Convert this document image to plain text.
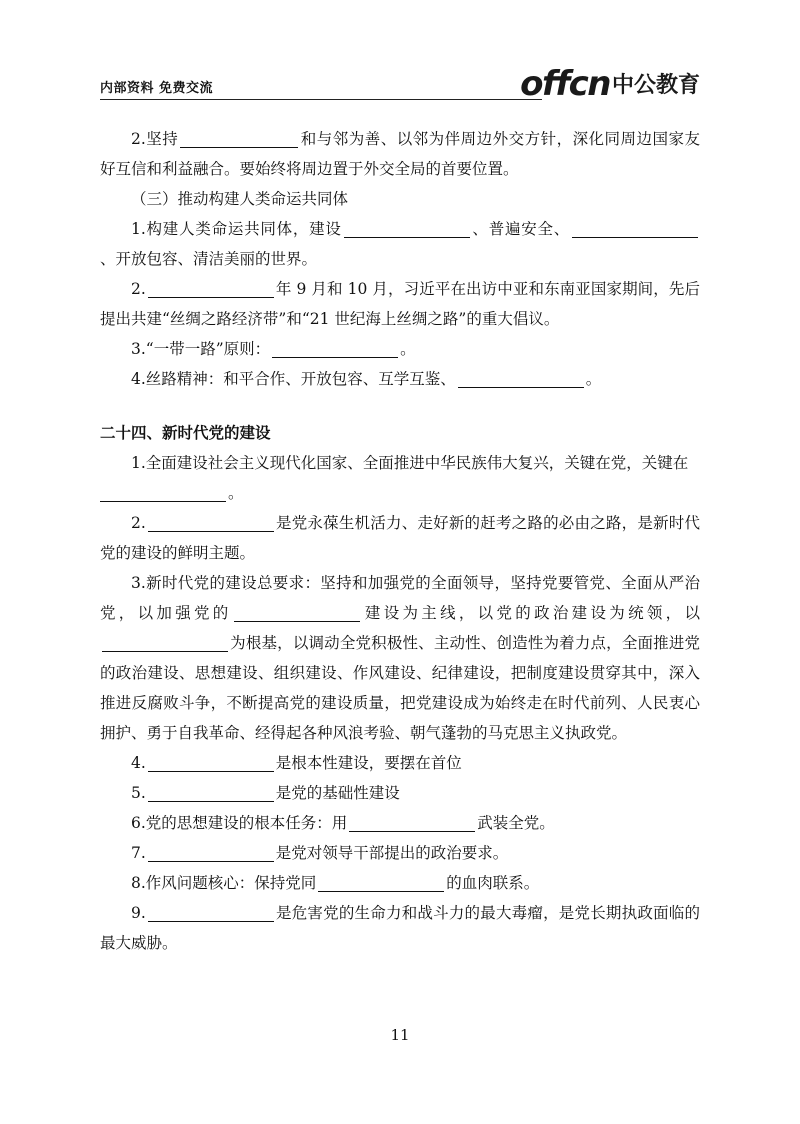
内部资料 免费交流	offcn 中公教育

2.坚持	和与邻为善、以邻为伴周边外交方针，深化同周边国家友好互信和利益融合。要始终将周边置于外交全局的首要位置。

（三）推动构建人类命运共同体

1.构建人类命运共同体，建设	、普遍安全、、开放包容、清洁美丽的世界。

2.	年 9 月和 10 月，习近平在出访中亚和东南亚国家期间，先后提出共建“丝绸之路经济带”和“21 世纪海上丝绸之路”的重大倡议。

3.“一带一路”原则：	。

4.丝路精神：和平合作、开放包容、互学互鉴、	。

二十四、新时代党的建设

1.全面建设社会主义现代化国家、全面推进中华民族伟大复兴，关键在党，关键在

。

2.	是党永葆生机活力、走好新的赶考之路的必由之路，是新时代党的建设的鲜明主题。

3.新时代党的建设总要求：坚持和加强党的全面领导，坚持党要管党、全面从严治党，以加强党的	建设为主线，以党的政治建设为统领，以为根基，以调动全党积极性、主动性、创造性为着力点，全面推进党的政治建设、思想建设、组织建设、作风建设、纪律建设，把制度建设贯穿其中，深入推进反腐败斗争，不断提高党的建设质量，把党建设成为始终走在时代前列、人民衷心拥护、勇于自我革命、经得起各种风浪考验、朝气蓬勃的马克思主义执政党。

4.	是根本性建设，要摆在首位

5.	是党的基础性建设

6.党的思想建设的根本任务：用	武装全党。

7.	是党对领导干部提出的政治要求。

8.作风问题核心：保持党同	的血肉联系。

9.	是危害党的生命力和战斗力的最大毒瘤，是党长期执政面临的最大威胁。

11
